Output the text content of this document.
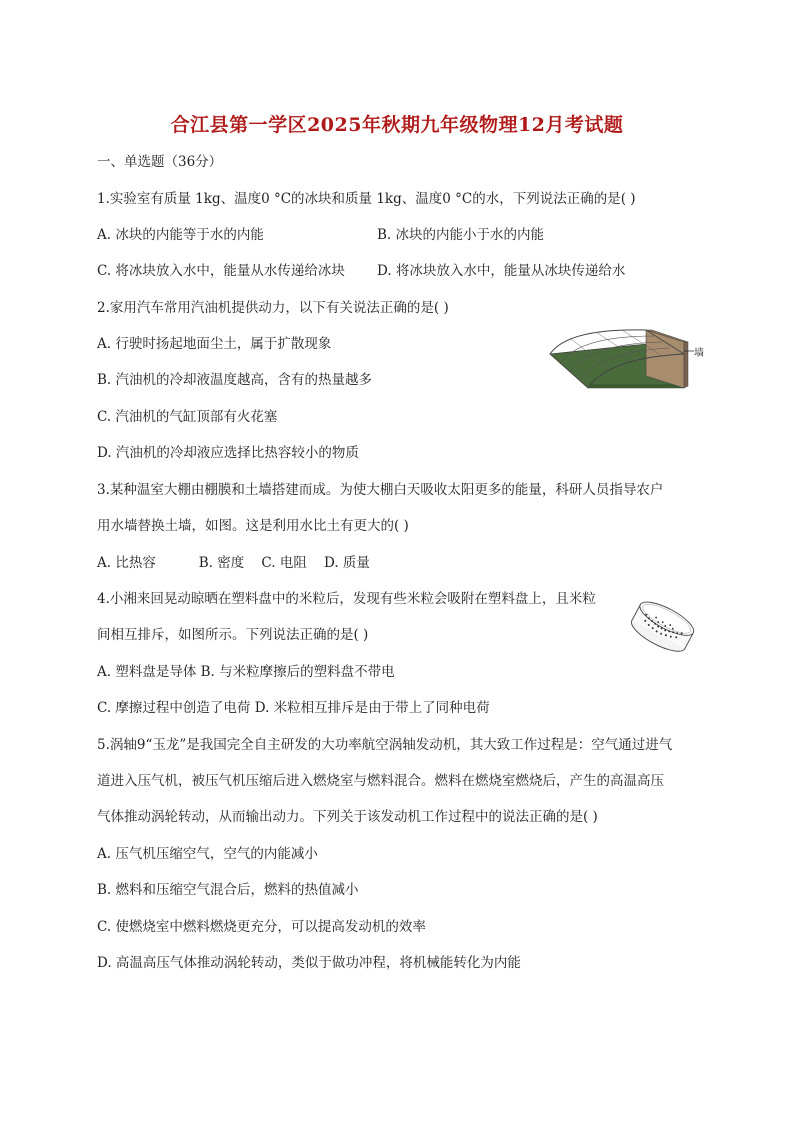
合江县第一学区2025年秋期九年级物理12月考试题
一、单选题（36分）
1.实验室有质量 1kg、温度0 °C的冰块和质量 1kg、温度0 °C的水，下列说法正确的是( )
A. 冰块的内能等于水的内能	B. 冰块的内能小于水的内能
C. 将冰块放入水中，能量从水传递给冰块 D. 将冰块放入水中，能量从冰块传递给水
2.家用汽车常用汽油机提供动力，以下有关说法正确的是( )
A. 行驶时扬起地面尘土，属于扩散现象
B. 汽油机的冷却液温度越高，含有的热量越多
C. 汽油机的气缸顶部有火花塞
D. 汽油机的冷却液应选择比热容较小的物质
墙
3.某种温室大棚由棚膜和土墙搭建而成。为使大棚白天吸收太阳更多的能量，科研人员指导农户
用水墙替换土墙，如图。这是利用水比土有更大的( )
A. 比热容          B. 密度    C. 电阻    D. 质量
4.小湘来回晃动晾晒在塑料盘中的米粒后，发现有些米粒会吸附在塑料盘上，且米粒
间相互排斥，如图所示。下列说法正确的是( )
A. 塑料盘是导体 B. 与米粒摩擦后的塑料盘不带电
C. 摩擦过程中创造了电荷 D. 米粒相互排斥是由于带上了同种电荷
5.涡轴9“玉龙”是我国完全自主研发的大功率航空涡轴发动机，其大致工作过程是：空气通过进气
道进入压气机，被压气机压缩后进入燃烧室与燃料混合。燃料在燃烧室燃烧后，产生的高温高压
气体推动涡轮转动，从而输出动力。下列关于该发动机工作过程中的说法正确的是( )
A. 压气机压缩空气，空气的内能减小
B. 燃料和压缩空气混合后，燃料的热值减小
C. 使燃烧室中燃料燃烧更充分，可以提高发动机的效率
D. 高温高压气体推动涡轮转动，类似于做功冲程，将机械能转化为内能
